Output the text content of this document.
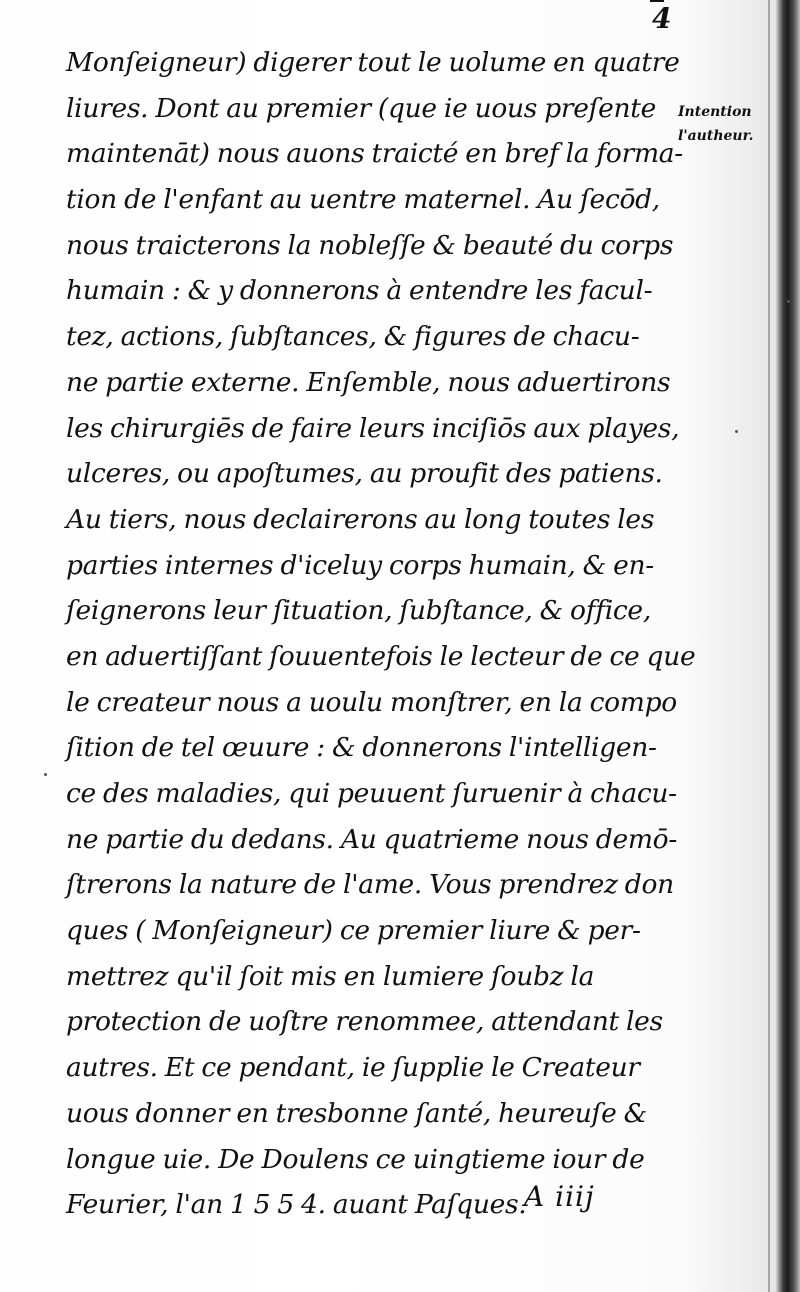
4
Monſeigneur) digerer tout le uolume en quatre
liures. Dont au premier (que ie uous preſente
maintenāt) nous auons traicté en bref la forma-
tion de l'enfant au uentre maternel. Au ſecōd,
nous traicterons la nobleſſe & beauté du corps
humain : & y donnerons à entendre les facul-
tez, actions, ſubſtances, & figures de chacu-
ne partie externe. Enſemble, nous aduertirons
les chirurgiēs de faire leurs inciſiōs aux playes,
ulceres, ou apoſtumes, au proufit des patiens.
Au tiers, nous declairerons au long toutes les
parties internes d'iceluy corps humain, & en-
ſeignerons leur ſituation, ſubſtance, & office,
en aduertiſſant ſouuentefois le lecteur de ce que
le createur nous a uoulu monſtrer, en la compo
ſition de tel œuure : & donnerons l'intelligen-
ce des maladies, qui peuuent ſuruenir à chacu-
ne partie du dedans. Au quatrieme nous demō-
ſtrerons la nature de l'ame. Vous prendrez don
ques ( Monſeigneur) ce premier liure & per-
mettrez qu'il ſoit mis en lumiere ſoubz la
protection de uoſtre renommee, attendant les
autres. Et ce pendant, ie ſupplie le Createur
uous donner en tresbonne ſanté, heureuſe &
longue uie. De Doulens ce uingtieme iour de
Feurier, l'an 1 5 5 4. auant Paſques.
Intention
l'autheur.
A iiij
